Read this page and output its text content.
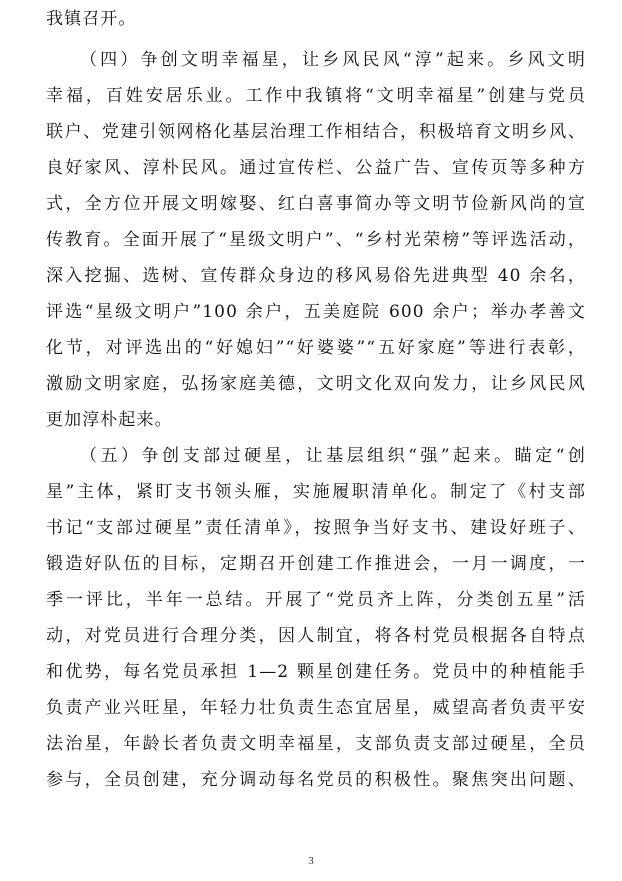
我镇召开。
（四）争创文明幸福星，让乡风民风“淳”起来。乡风文明
幸福，百姓安居乐业。工作中我镇将“文明幸福星”创建与党员
联户、党建引领网格化基层治理工作相结合，积极培育文明乡风、
良好家风、淳朴民风。通过宣传栏、公益广告、宣传页等多种方
式，全方位开展文明嫁娶、红白喜事简办等文明节俭新风尚的宣
传教育。全面开展了“星级文明户”、“乡村光荣榜”等评选活动，
深入挖掘、选树、宣传群众身边的移风易俗先进典型 40 余名，
评选“星级文明户”100 余户，五美庭院 600 余户；举办孝善文
化节，对评选出的“好媳妇”“好婆婆”“五好家庭”等进行表彰，
激励文明家庭，弘扬家庭美德，文明文化双向发力，让乡风民风
更加淳朴起来。
（五）争创支部过硬星，让基层组织“强”起来。瞄定“创
星”主体，紧盯支书领头雁，实施履职清单化。制定了《村支部
书记“支部过硬星”责任清单》，按照争当好支书、建设好班子、
锻造好队伍的目标，定期召开创建工作推进会，一月一调度，一
季一评比，半年一总结。开展了“党员齐上阵，分类创五星”活
动，对党员进行合理分类，因人制宜，将各村党员根据各自特点
和优势，每名党员承担 1—2 颗星创建任务。党员中的种植能手
负责产业兴旺星，年轻力壮负责生态宜居星，威望高者负责平安
法治星，年龄长者负责文明幸福星，支部负责支部过硬星，全员
参与，全员创建，充分调动每名党员的积极性。聚焦突出问题、
3
